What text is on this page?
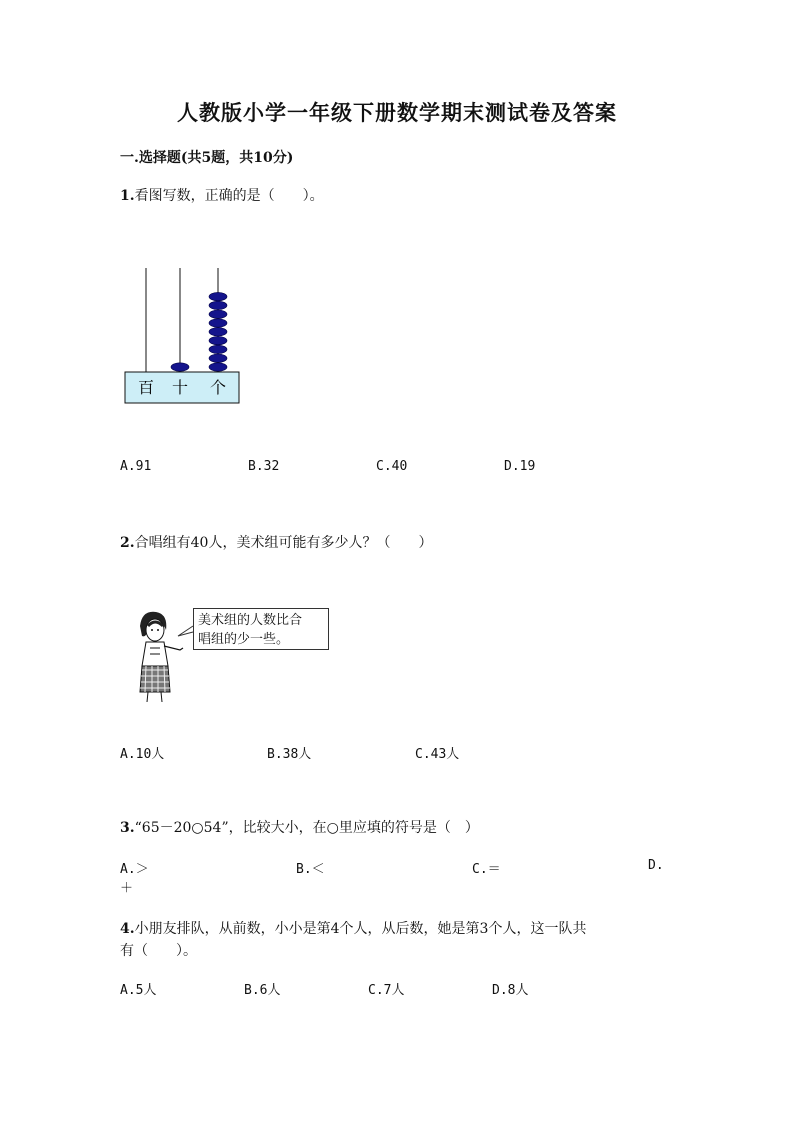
人教版小学一年级下册数学期末测试卷及答案
一.选择题(共5题，共10分)
1.看图写数，正确的是（　　）。
百 十 个
A.91	B.32	C.40	D.19
2.合唱组有40人，美术组可能有多少人？（　　）
美术组的人数比合
唱组的少一些。
A.10人	B.38人	C.43人
3.“65－20○54”，比较大小，在○里应填的符号是（　）
A.＞	B.＜	C.＝	D.
＋
4.小朋友排队，从前数，小小是第4个人，从后数，她是第3个人，这一队共
有（　　）。
A.5人	B.6人	C.7人	D.8人
